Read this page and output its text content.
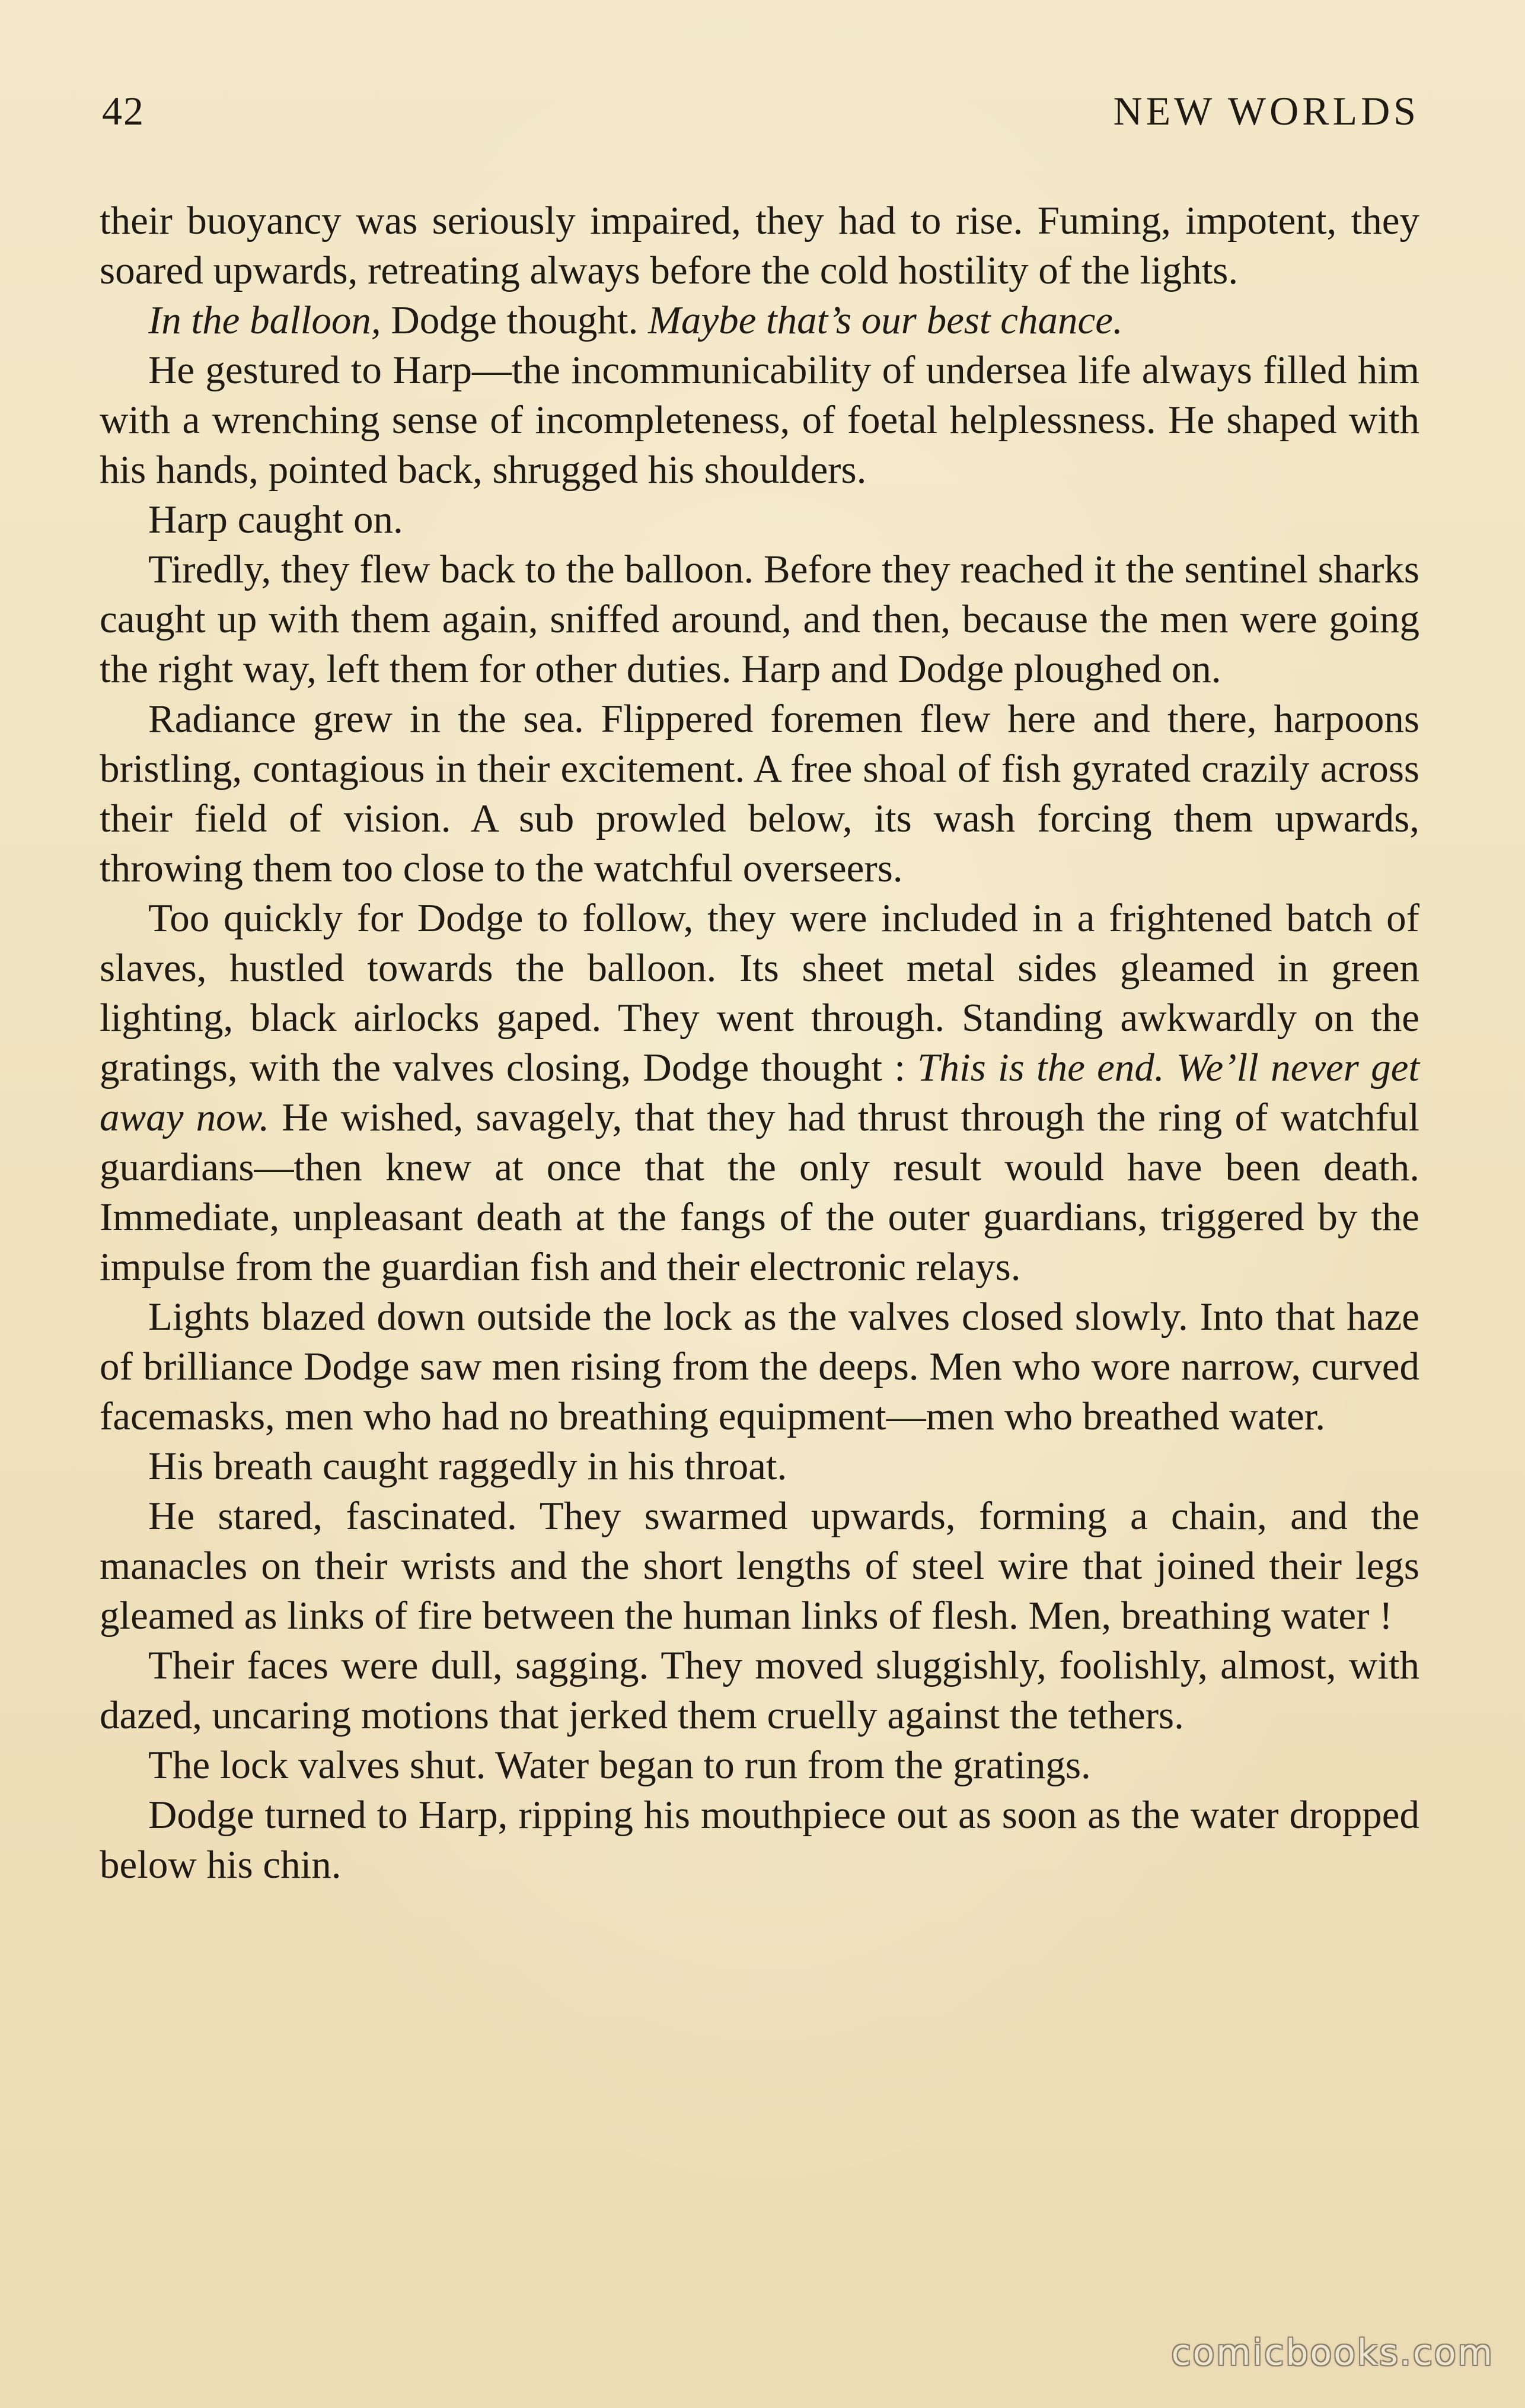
42	NEW WORLDS

their buoyancy was seriously impaired, they had to rise. Fuming, impotent, they soared upwards, retreating always before the cold hostility of the lights.

In the balloon, Dodge thought. Maybe that’s our best chance.

He gestured to Harp—the incommunicability of undersea life always filled him with a wrenching sense of incompleteness, of foetal helplessness. He shaped with his hands, pointed back, shrugged his shoulders.

Harp caught on.

Tiredly, they flew back to the balloon. Before they reached it the sentinel sharks caught up with them again, sniffed around, and then, because the men were going the right way, left them for other duties. Harp and Dodge ploughed on.

Radiance grew in the sea. Flippered foremen flew here and there, harpoons bristling, contagious in their excitement. A free shoal of fish gyrated crazily across their field of vision. A sub prowled below, its wash forcing them upwards, throwing them too close to the watchful overseers.

Too quickly for Dodge to follow, they were included in a frightened batch of slaves, hustled towards the balloon. Its sheet metal sides gleamed in green lighting, black airlocks gaped. They went through. Standing awkwardly on the gratings, with the valves closing, Dodge thought : This is the end. We’ll never get away now. He wished, savagely, that they had thrust through the ring of watchful guardians—then knew at once that the only result would have been death. Immediate, unpleasant death at the fangs of the outer guardians, triggered by the impulse from the guardian fish and their electronic relays.

Lights blazed down outside the lock as the valves closed slowly. Into that haze of brilliance Dodge saw men rising from the deeps. Men who wore narrow, curved facemasks, men who had no breathing equipment—men who breathed water.

His breath caught raggedly in his throat.

He stared, fascinated. They swarmed upwards, forming a chain, and the manacles on their wrists and the short lengths of steel wire that joined their legs gleamed as links of fire between the human links of flesh. Men, breathing water !

Their faces were dull, sagging. They moved sluggishly, foolishly, almost, with dazed, uncaring motions that jerked them cruelly against the tethers.

The lock valves shut. Water began to run from the gratings.

Dodge turned to Harp, ripping his mouthpiece out as soon as the water dropped below his chin.

comicbooks.com
